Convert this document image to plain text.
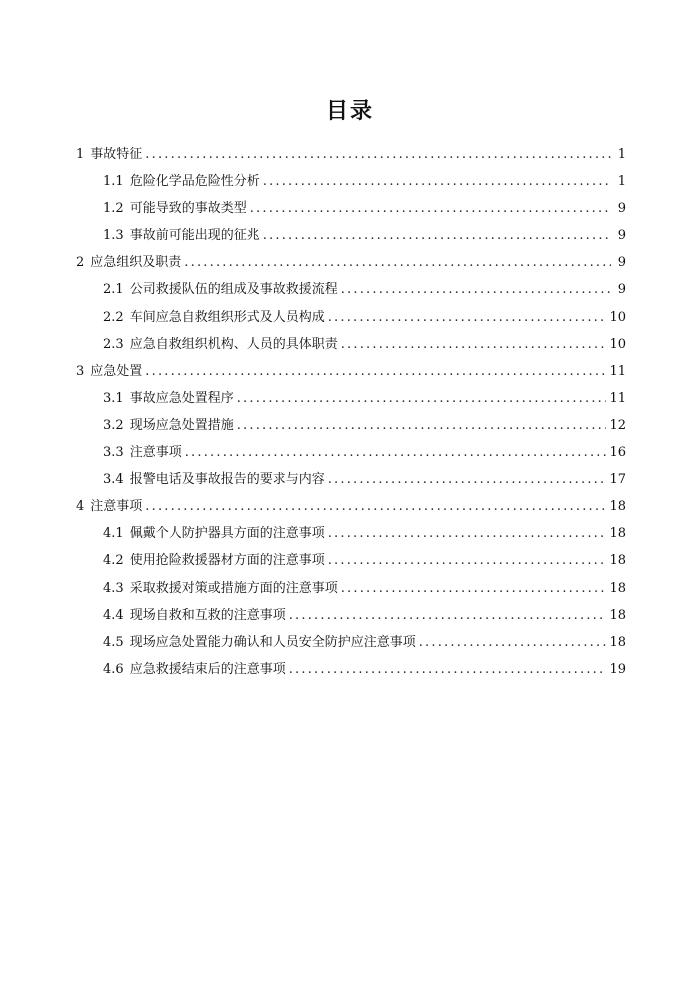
目录
1 事故特征 .....	1
1.1 危险化学品危险性分析 .....	1
1.2 可能导致的事故类型 .....	9
1.3 事故前可能出现的征兆 .....	9
2 应急组织及职责 .....	9
2.1 公司救援队伍的组成及事故救援流程 .....	9
2.2 车间应急自救组织形式及人员构成 .....	10
2.3 应急自救组织机构、人员的具体职责 .....	10
3 应急处置 .....	11
3.1 事故应急处置程序 .....	11
3.2 现场应急处置措施 .....	12
3.3 注意事项 .....	16
3.4 报警电话及事故报告的要求与内容 .....	17
4 注意事项 .....	18
4.1 佩戴个人防护器具方面的注意事项 .....	18
4.2 使用抢险救援器材方面的注意事项 .....	18
4.3 采取救援对策或措施方面的注意事项 .....	18
4.4 现场自救和互救的注意事项 .....	18
4.5 现场应急处置能力确认和人员安全防护应注意事项 .....	18
4.6 应急救援结束后的注意事项 .....	19
